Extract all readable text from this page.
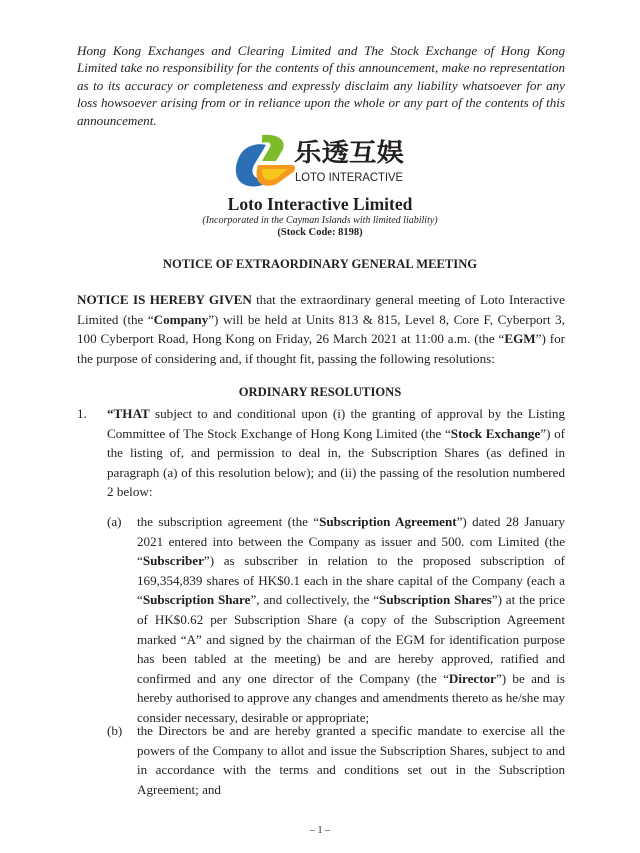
Hong Kong Exchanges and Clearing Limited and The Stock Exchange of Hong Kong Limited take no responsibility for the contents of this announcement, make no representation as to its accuracy or completeness and expressly disclaim any liability whatsoever for any loss howsoever arising from or in reliance upon the whole or any part of the contents of this announcement.
乐透互娱
LOTO INTERACTIVE
Loto Interactive Limited
(Incorporated in the Cayman Islands with limited liability)
(Stock Code: 8198)
NOTICE OF EXTRAORDINARY GENERAL MEETING
NOTICE IS HEREBY GIVEN that the extraordinary general meeting of Loto Interactive Limited (the “Company”) will be held at Units 813 & 815, Level 8, Core F, Cyberport 3, 100 Cyberport Road, Hong Kong on Friday, 26 March 2021 at 11:00 a.m. (the “EGM”) for the purpose of considering and, if thought fit, passing the following resolutions:
ORDINARY RESOLUTIONS
1. “THAT subject to and conditional upon (i) the granting of approval by the Listing Committee of The Stock Exchange of Hong Kong Limited (the “Stock Exchange”) of the listing of, and permission to deal in, the Subscription Shares (as defined in paragraph (a) of this resolution below); and (ii) the passing of the resolution numbered 2 below:
(a) the subscription agreement (the “Subscription Agreement”) dated 28 January 2021 entered into between the Company as issuer and 500. com Limited (the “Subscriber”) as subscriber in relation to the proposed subscription of 169,354,839 shares of HK$0.1 each in the share capital of the Company (each a “Subscription Share”, and collectively, the “Subscription Shares”) at the price of HK$0.62 per Subscription Share (a copy of the Subscription Agreement marked “A” and signed by the chairman of the EGM for identification purpose has been tabled at the meeting) be and are hereby approved, ratified and confirmed and any one director of the Company (the “Director”) be and is hereby authorised to approve any changes and amendments thereto as he/she may consider necessary, desirable or appropriate;
(b) the Directors be and are hereby granted a specific mandate to exercise all the powers of the Company to allot and issue the Subscription Shares, subject to and in accordance with the terms and conditions set out in the Subscription Agreement; and
– 1 –
